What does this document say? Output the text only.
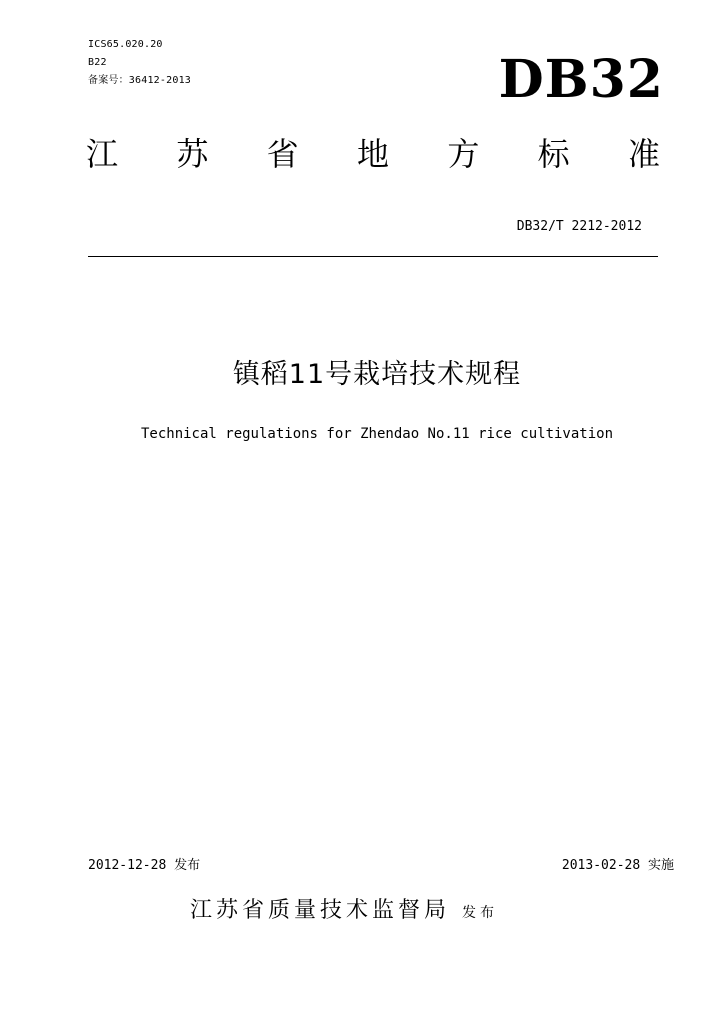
ICS65.020.20
B22
备案号：36412-2013	DB32
江 苏 省 地 方 标 准
DB32/T 2212-2012
镇稻11号栽培技术规程
Technical regulations for Zhendao No.11 rice cultivation
2012-12-28 发布	2013-02-28 实施
江苏省质量技术监督局 发布
